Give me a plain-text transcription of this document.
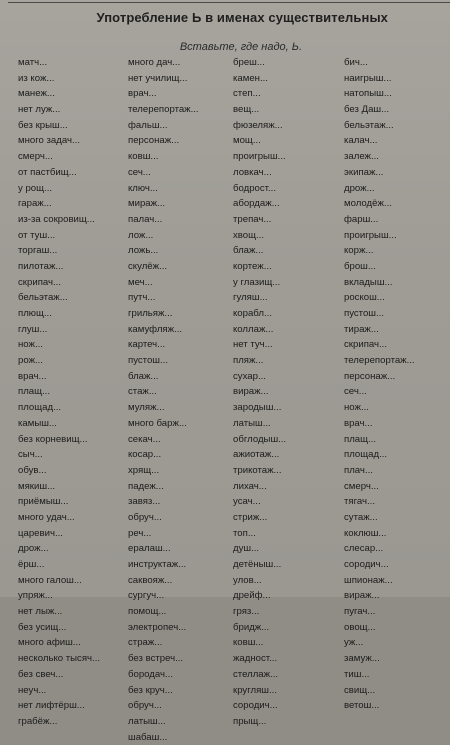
Употребление Ь в именах существительных
Вставьте, где надо, Ь.
матч...
из кож...
манеж...
нет луж...
без крыш...
много задач...
смерч...
от пастбищ...
у рощ...
гараж...
из-за сокровищ...
от туш...
торгаш...
пилотаж...
скрипач...
бельэтаж...
плющ...
глуш...
нож...
рож...
врач...
плащ...
площад...
камыш...
без корневищ...
сыч...
обув...
мякиш...
приёмыш...
много удач...
царевич...
дрож...
ёрш...
много галош...
упряж...
нет лыж...
без усищ...
много афиш...
несколько тысяч...
без свеч...
неуч...
нет лифтёрш...
грабёж...
много дач...
нет училищ...
врач...
телерепортаж...
фальш...
персонаж...
ковш...
сеч...
ключ...
мираж...
палач...
лож...
ложь...
скулёж...
меч...
путч...
грильяж...
камуфляж...
картеч...
пустош...
блаж...
стаж...
муляж...
много барж...
секач...
косар...
хрящ...
падеж...
завяз...
обруч...
реч...
ералаш...
инструктаж...
саквояж...
сургуч...
помощ...
электропеч...
страж...
без встреч...
бородач...
без круч...
обруч...
латыш...
шабаш...
бреш...
камен...
степ...
вещ...
фюзеляж...
мощ...
проигрыш...
ловкач...
бодрост...
абордаж...
трепач...
хвощ...
блаж...
кортеж...
у глазищ...
гуляш...
корабл...
коллаж...
нет туч...
пляж...
сухар...
вираж...
зародыш...
латыш...
обглодыш...
ажиотаж...
трикотаж...
лихач...
усач...
стриж...
топ...
душ...
детёныш...
улов...
дрейф...
гряз...
бридж...
ковш...
жадност...
стеллаж...
кругляш...
сородич...
прыщ...
бич...
наигрыш...
натопыш...
без Даш...
бельэтаж...
калач...
залеж...
экипаж...
дрож...
молодёж...
фарш...
проигрыш...
корж...
брош...
вкладыш...
роскош...
пустош...
тираж...
скрипач...
телерепортаж...
персонаж...
сеч...
нож...
врач...
плащ...
площад...
плач...
смерч...
тягач...
сутаж...
коклюш...
слесар...
сородич...
шпионаж...
вираж...
пугач...
овощ...
уж...
замуж...
тиш...
свищ...
ветош...
